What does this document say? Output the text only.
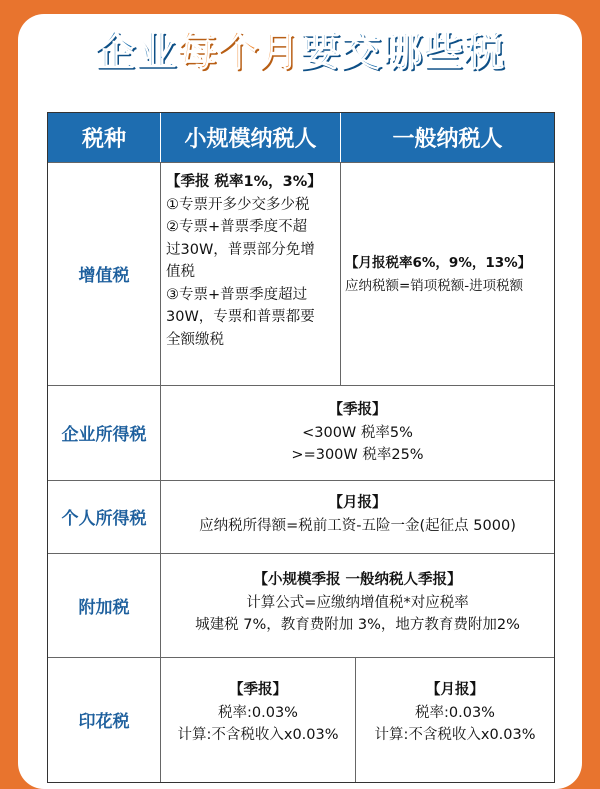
企业每个月要交哪些税
税种	小规模纳税人	一般纳税人
增值税
【季报 税率1%，3%】
①专票开多少交多少税
②专票+普票季度不超
过30W，普票部分免增
值税
③专票+普票季度超过
30W，专票和普票都要
全额缴税
【月报税率6%，9%，13%】
应纳税额=销项税额-进项税额
企业所得税
【季报】
<300W 税率5%
>=300W 税率25%
个人所得税
【月报】
应纳税所得额=税前工资-五险一金(起征点 5000)
附加税
【小规模季报 一般纳税人季报】
计算公式=应缴纳增值税*对应税率
城建税 7%，教育费附加 3%，地方教育费附加2%
印花税
【季报】
税率:0.03%
计算:不含税收入x0.03%
【月报】
税率:0.03%
计算:不含税收入x0.03%
